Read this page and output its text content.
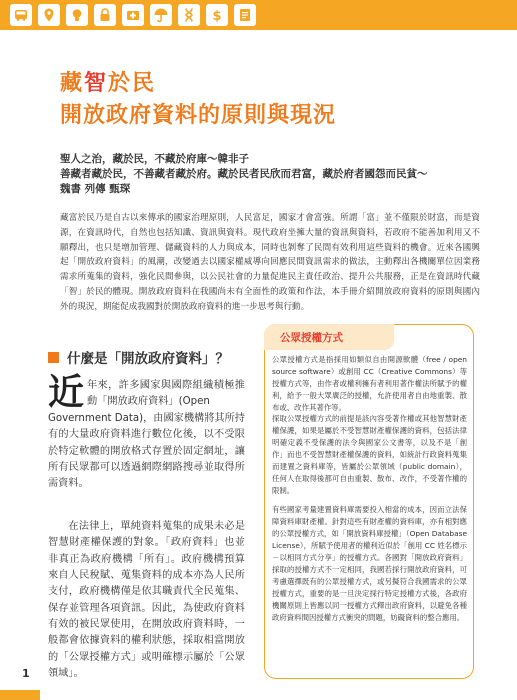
$
藏智於民
開放政府資料的原則與現況
聖人之治，藏於民，不藏於府庫～韓非子
善藏者藏於民，不善藏者藏於府。藏於民者民欣而君富，藏於府者國怨而民貧～
魏書 列傳 甄琛
藏富於民乃是自古以來傳承的國家治理原則，人民富足，國家才會富強。所謂「富」並不僅限於財富，而是資源，在資訊時代，自然也包括知識、資訊與資料。現代政府坐擁大量的資訊與資料，若政府不能善加利用又不願釋出，也只是增加管理、儲藏資料的人力與成本，同時也剝奪了民間有效利用這些資料的機會。近來各國興起「開放政府資料」的風潮，改變過去以國家權威導向回應民間資訊需求的做法，主動釋出各機關單位因業務需求所蒐集的資料，強化民間參與，以公民社會的力量促進民主責任政治、提升公共服務，正是在資訊時代藏「智」於民的體現。開放政府資料在我國尚未有全面性的政策和作法，本手冊介紹開放政府資料的原則與國內外的現況，期能促成我國對於開放政府資料的進一步思考與行動。
什麼是「開放政府資料」？
近 年來，許多國家與國際組織積極推動「開放政府資料」(Open
Government Data)，由國家機構將其所持有的大量政府資料進行數位化後，以不受限於特定軟體的開放格式存置於固定網址，讓所有民眾都可以透過網際網路搜尋並取得所需資料。
在法律上，單純資料蒐集的成果未必是智慧財產權保護的對象。「政府資料」也並非真正為政府機構「所有」。政府機構預算來自人民稅賦、蒐集資料的成本亦為人民所支付，政府機構僅是依其職責代全民蒐集、保存並管理各項資訊。因此，為使政府資料有效的被民眾使用，在開放政府資料時，一般都會依據資料的權利狀態，採取相當開放的「公眾授權方式」或明確標示屬於「公眾領域」。
公眾授權方式
公眾授權方式是指採用如類似自由開源軟體（free / open source software）或創用 CC（Creative Commons）等授權方式等，由作者或權利擁有者利用著作權法所賦予的權利，給予一般大眾廣泛的授權，允許使用者自由地重製、散布或、改作其著作等。
探取公眾授權方式的前提是該內容受著作權或其他智慧財產權保護，如果是屬於不受智慧財產權保護的資料，包括法律明確定義不受保護的法令與國家公文書等，以及不是「創作」而也不受智慧財產權保護的資料，如統計行政資料蒐集而建置之資料庫等，皆屬於公眾領域（public domain），任何人在取得後都可自由重製、散布、改作，不受著作權的限制。
有些國家考量建置資料庫需要投入相當的成本，因而立法保障資料庫財產權。針對這些有財產權的資料庫，亦有相對應的公眾授權方式，如「開放資料庫授權」（Open Database License），所賦予使用者的權利近似於「創用 CC 姓名標示－以相同方式分享」的授權方式。各國對「開放政府資料」採取的授權方式不一定相同，我國若採行開放政府資料，可考慮選擇既有的公眾授權方式，或另擬符合我國需求的公眾授權方式，重要的是一旦決定採行特定授權方式後，各政府機關原則上皆應以同一授權方式釋出政府資料，以避免各種政府資料間因授權方式衝突的問題，妨礙資料的整合應用。
1
